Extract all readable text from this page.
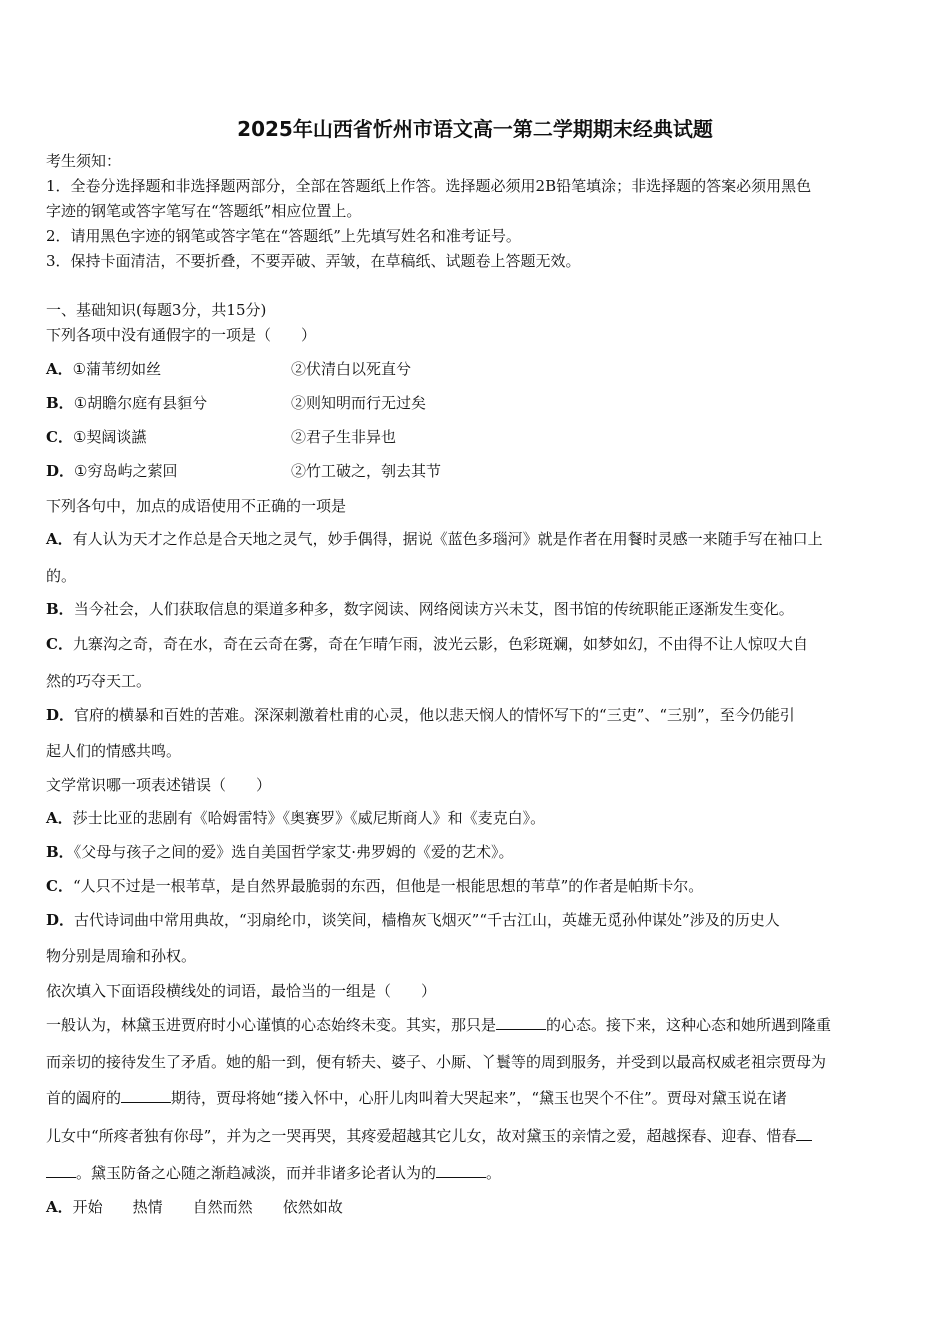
2025年山西省忻州市语文高一第二学期期末经典试题
考生须知：
1．全卷分选择题和非选择题两部分，全部在答题纸上作答。选择题必须用2B铅笔填涂；非选择题的答案必须用黑色
字迹的钢笔或答字笔写在“答题纸”相应位置上。
2．请用黑色字迹的钢笔或答字笔在“答题纸”上先填写姓名和准考证号。
3．保持卡面清洁，不要折叠，不要弄破、弄皱，在草稿纸、试题卷上答题无效。
一、基础知识(每题3分，共15分)
下列各项中没有通假字的一项是（　　）
A．①蒲苇纫如丝	②伏清白以死直兮
B．①胡瞻尔庭有县貆兮	②则知明而行无过矣
C．①契阔谈讌	②君子生非异也
D．①穷岛屿之萦回	②竹工破之，刳去其节
下列各句中，加点的成语使用不正确的一项是
A．有人认为天才之作总是合天地之灵气，妙手偶得，据说《蓝色多瑙河》就是作者在用餐时灵感一来随手写在袖口上
的。
B．当今社会，人们获取信息的渠道多种多，数字阅读、网络阅读方兴未艾，图书馆的传统职能正逐渐发生变化。
C．九寨沟之奇，奇在水，奇在云奇在雾，奇在乍晴乍雨，波光云影，色彩斑斓，如梦如幻，不由得不让人惊叹大自
然的巧夺天工。
D．官府的横暴和百姓的苦难。深深刺激着杜甫的心灵，他以悲天悯人的情怀写下的“三吏”、“三别”，至今仍能引
起人们的情感共鸣。
文学常识哪一项表述错误（　　）
A．莎士比亚的悲剧有《哈姆雷特》《奥赛罗》《威尼斯商人》和《麦克白》。
B．《父母与孩子之间的爱》选自美国哲学家艾·弗罗姆的《爱的艺术》。
C．“人只不过是一根苇草，是自然界最脆弱的东西，但他是一根能思想的苇草”的作者是帕斯卡尔。
D．古代诗词曲中常用典故，“羽扇纶巾，谈笑间，樯橹灰飞烟灭”“千古江山，英雄无觅孙仲谋处”涉及的历史人
物分别是周瑜和孙权。
依次填入下面语段横线处的词语，最恰当的一组是（　　）
一般认为，林黛玉进贾府时小心谨慎的心态始终未变。其实，那只是	的心态。接下来，这种心态和她所遇到隆重
而亲切的接待发生了矛盾。她的船一到，便有轿夫、婆子、小厮、丫鬟等的周到服务，并受到以最高权威老祖宗贾母为
首的阖府的	期待，贾母将她“搂入怀中，心肝儿肉叫着大哭起来”，“黛玉也哭个不住”。贾母对黛玉说在诸
儿女中“所疼者独有你母”，并为之一哭再哭，其疼爱超越其它儿女，故对黛玉的亲情之爱，超越探春、迎春、惜春
。黛玉防备之心随之渐趋减淡，而并非诸多论者认为的	。
A．开始 热情 自然而然 依然如故
